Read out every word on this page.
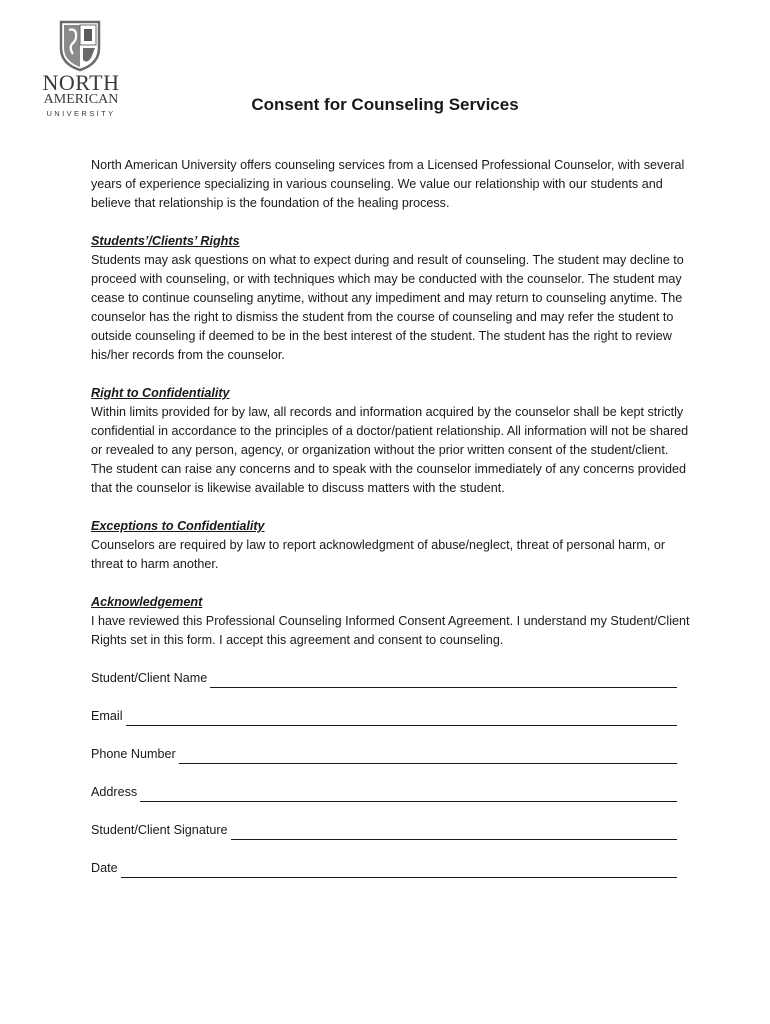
NORTH
AMERICAN
UNIVERSITY	Consent for Counseling Services

North American University offers counseling services from a Licensed Professional Counselor, with several years of experience specializing in various counseling. We value our relationship with our students and believe that relationship is the foundation of the healing process.

Students’/Clients’ Rights

Students may ask questions on what to expect during and result of counseling. The student may decline to proceed with counseling, or with techniques which may be conducted with the counselor. The student may cease to continue counseling anytime, without any impediment and may return to counseling anytime. The counselor has the right to dismiss the student from the course of counseling and may refer the student to outside counseling if deemed to be in the best interest of the student. The student has the right to review his/her records from the counselor.

Right to Confidentiality

Within limits provided for by law, all records and information acquired by the counselor shall be kept strictly confidential in accordance to the principles of a doctor/patient relationship. All information will not be shared or revealed to any person, agency, or organization without the prior written consent of the student/client. The student can raise any concerns and to speak with the counselor immediately of any concerns provided that the counselor is likewise available to discuss matters with the student.

Exceptions to Confidentiality

Counselors are required by law to report acknowledgment of abuse/neglect, threat of personal harm, or threat to harm another.

Acknowledgement

I have reviewed this Professional Counseling Informed Consent Agreement. I understand my Student/Client Rights set in this form. I accept this agreement and consent to counseling.

Student/Client Name
Email
Phone Number
Address
Student/Client Signature
Date
